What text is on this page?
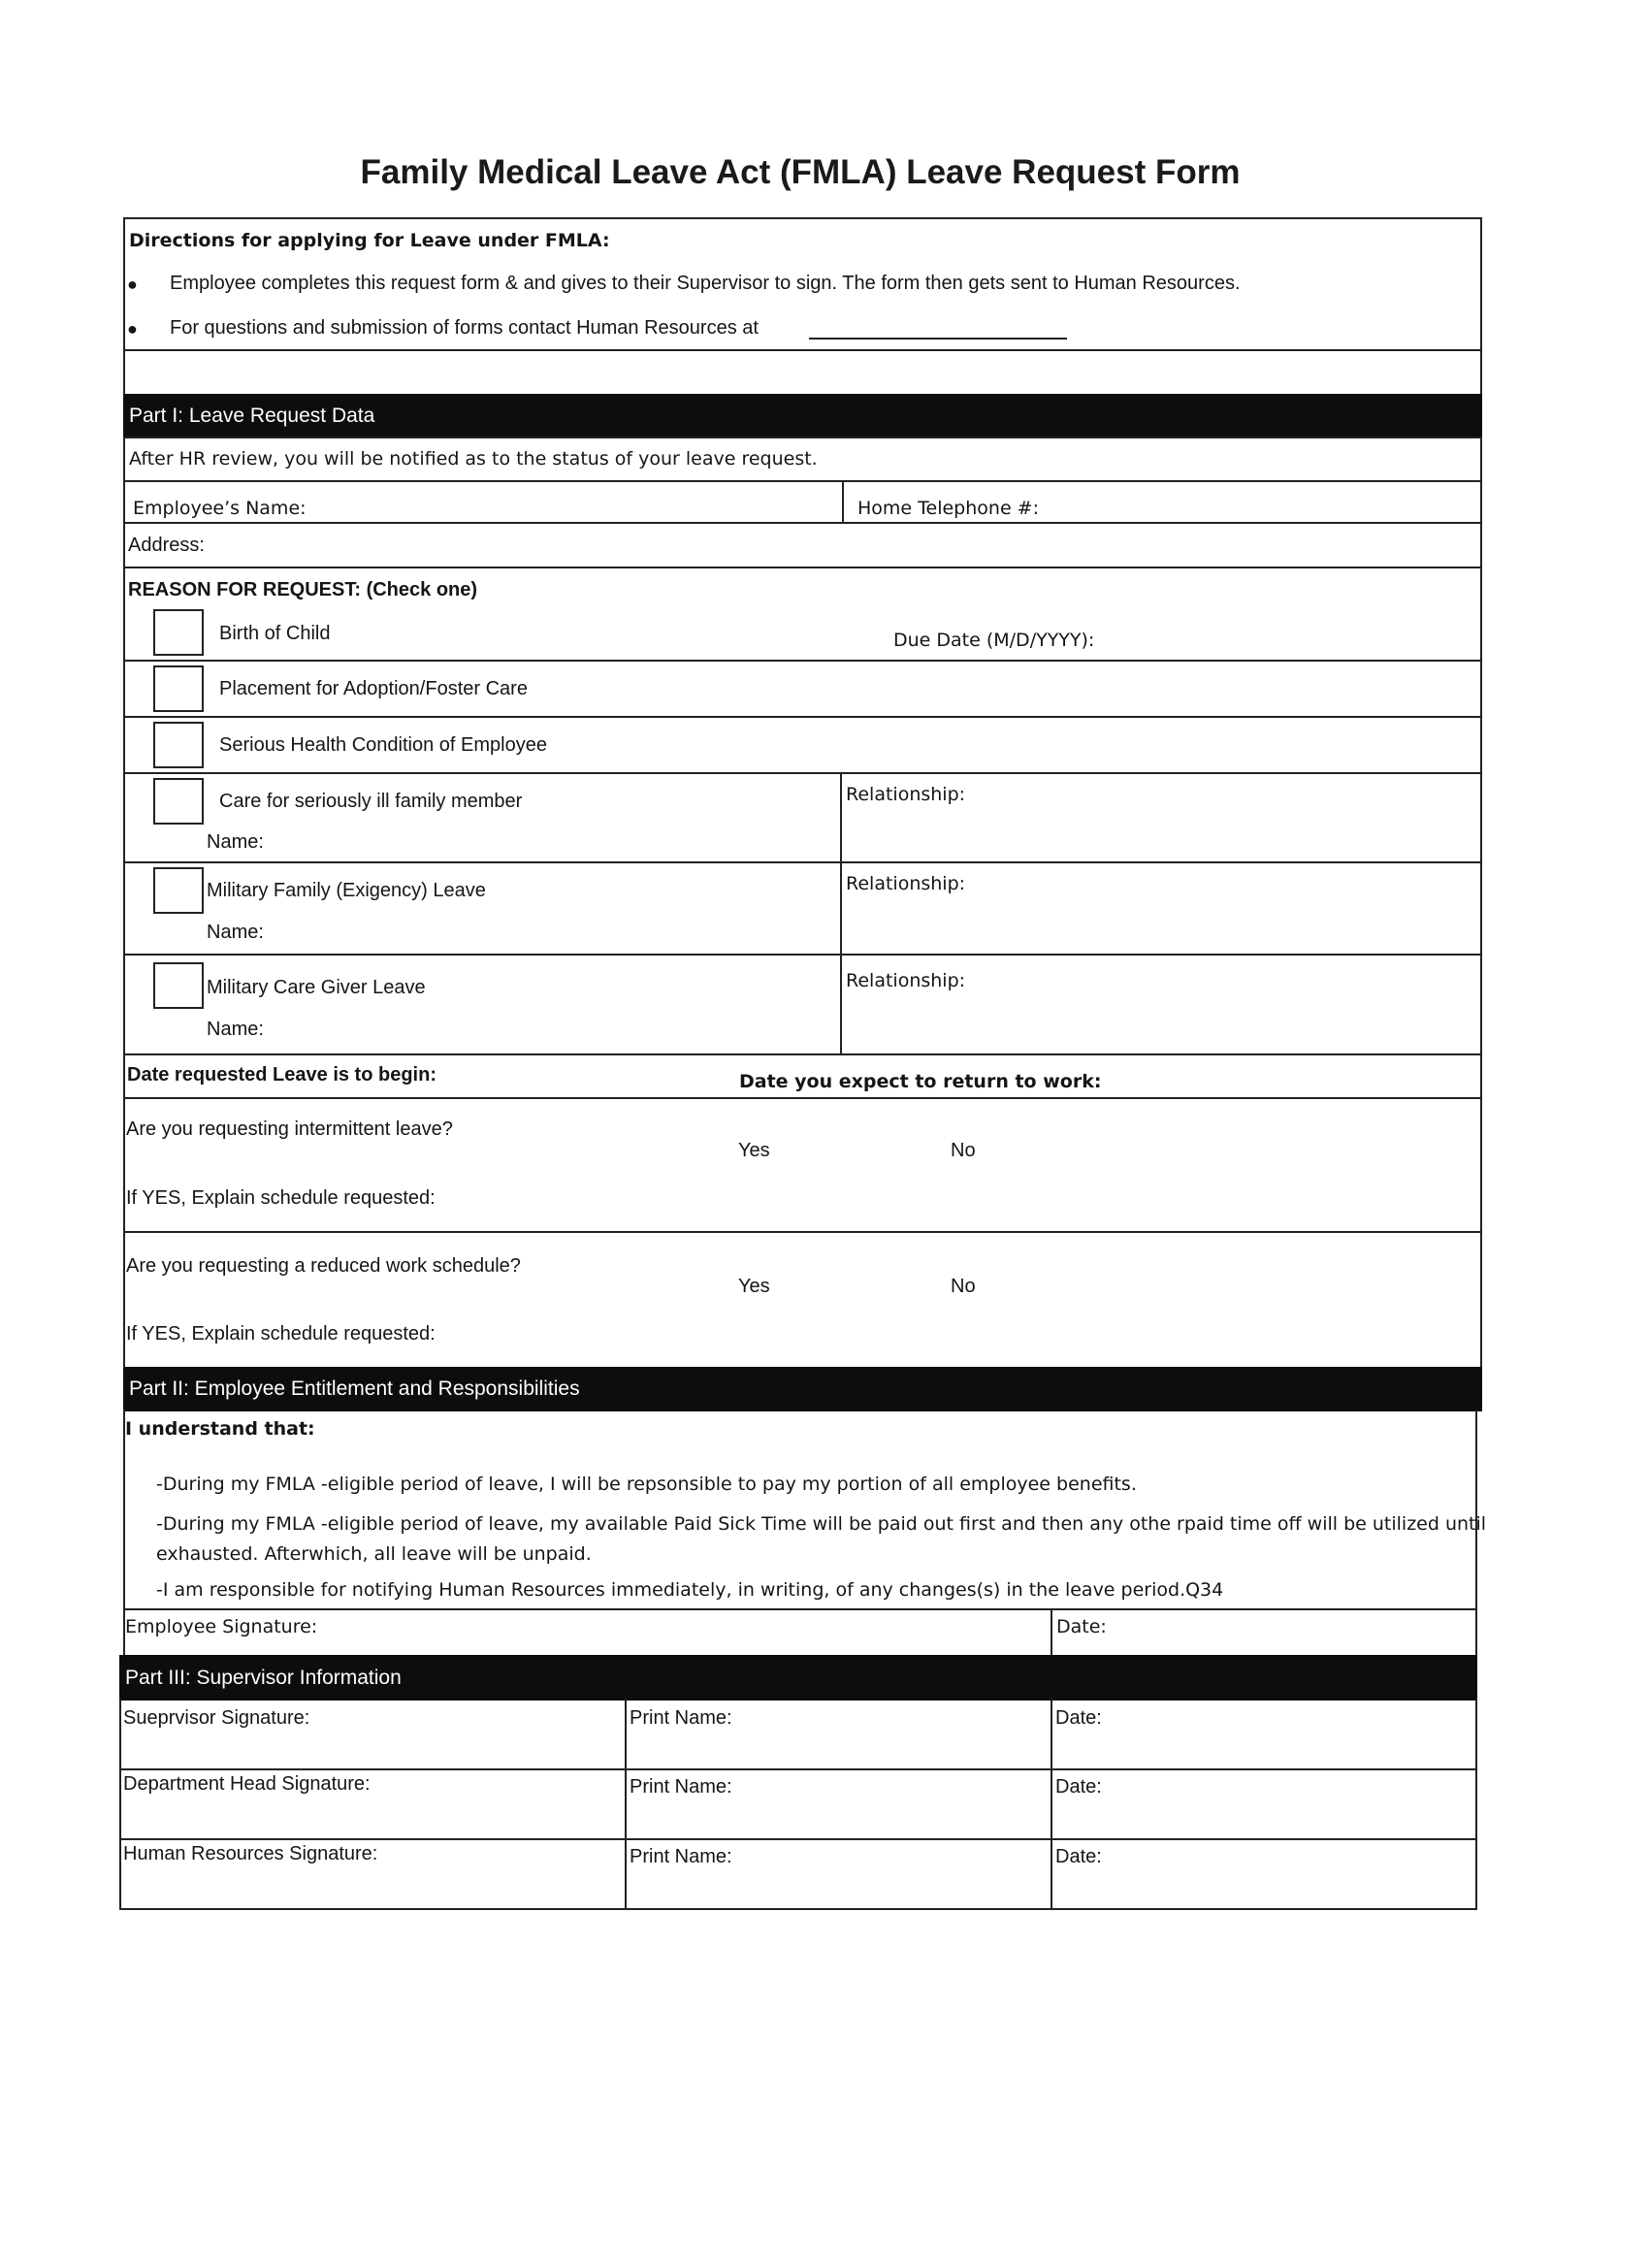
Family Medical Leave Act (FMLA) Leave Request Form
Directions for applying for Leave under FMLA:
● Employee completes this request form & and gives to their Supervisor to sign. The form then gets sent to Human Resources.
● For questions and submission of forms contact Human Resources at
Part I: Leave Request Data
After HR review, you will be notified as to the status of your leave request.
Employee’s Name:	Home Telephone #:
Address:
REASON FOR REQUEST: (Check one)
Birth of Child	Due Date (M/D/YYYY):
Placement for Adoption/Foster Care
Serious Health Condition of Employee
Care for seriously ill family member
Name:
Relationship:
Military Family (Exigency) Leave
Name:
Relationship:
Military Care Giver Leave
Name:
Relationship:
Date requested Leave is to begin:	Date you expect to return to work:
Are you requesting intermittent leave?
Yes	No
If YES, Explain schedule requested:
Are you requesting a reduced work schedule?
Yes	No
If YES, Explain schedule requested:
Part II: Employee Entitlement and Responsibilities
I understand that:
-During my FMLA -eligible period of leave, I will be repsonsible to pay my portion of all employee benefits.
-During my FMLA -eligible period of leave, my available Paid Sick Time will be paid out first and then any othe rpaid time off will be utilized until exhausted. Afterwhich, all leave will be unpaid.
-I am responsible for notifying Human Resources immediately, in writing, of any changes(s) in the leave period.Q34
Employee Signature:	Date:
Part III: Supervisor Information
Sueprvisor Signature:	Print Name:	Date:
Department Head Signature:	Print Name:	Date:
Human Resources Signature:	Print Name:	Date:
